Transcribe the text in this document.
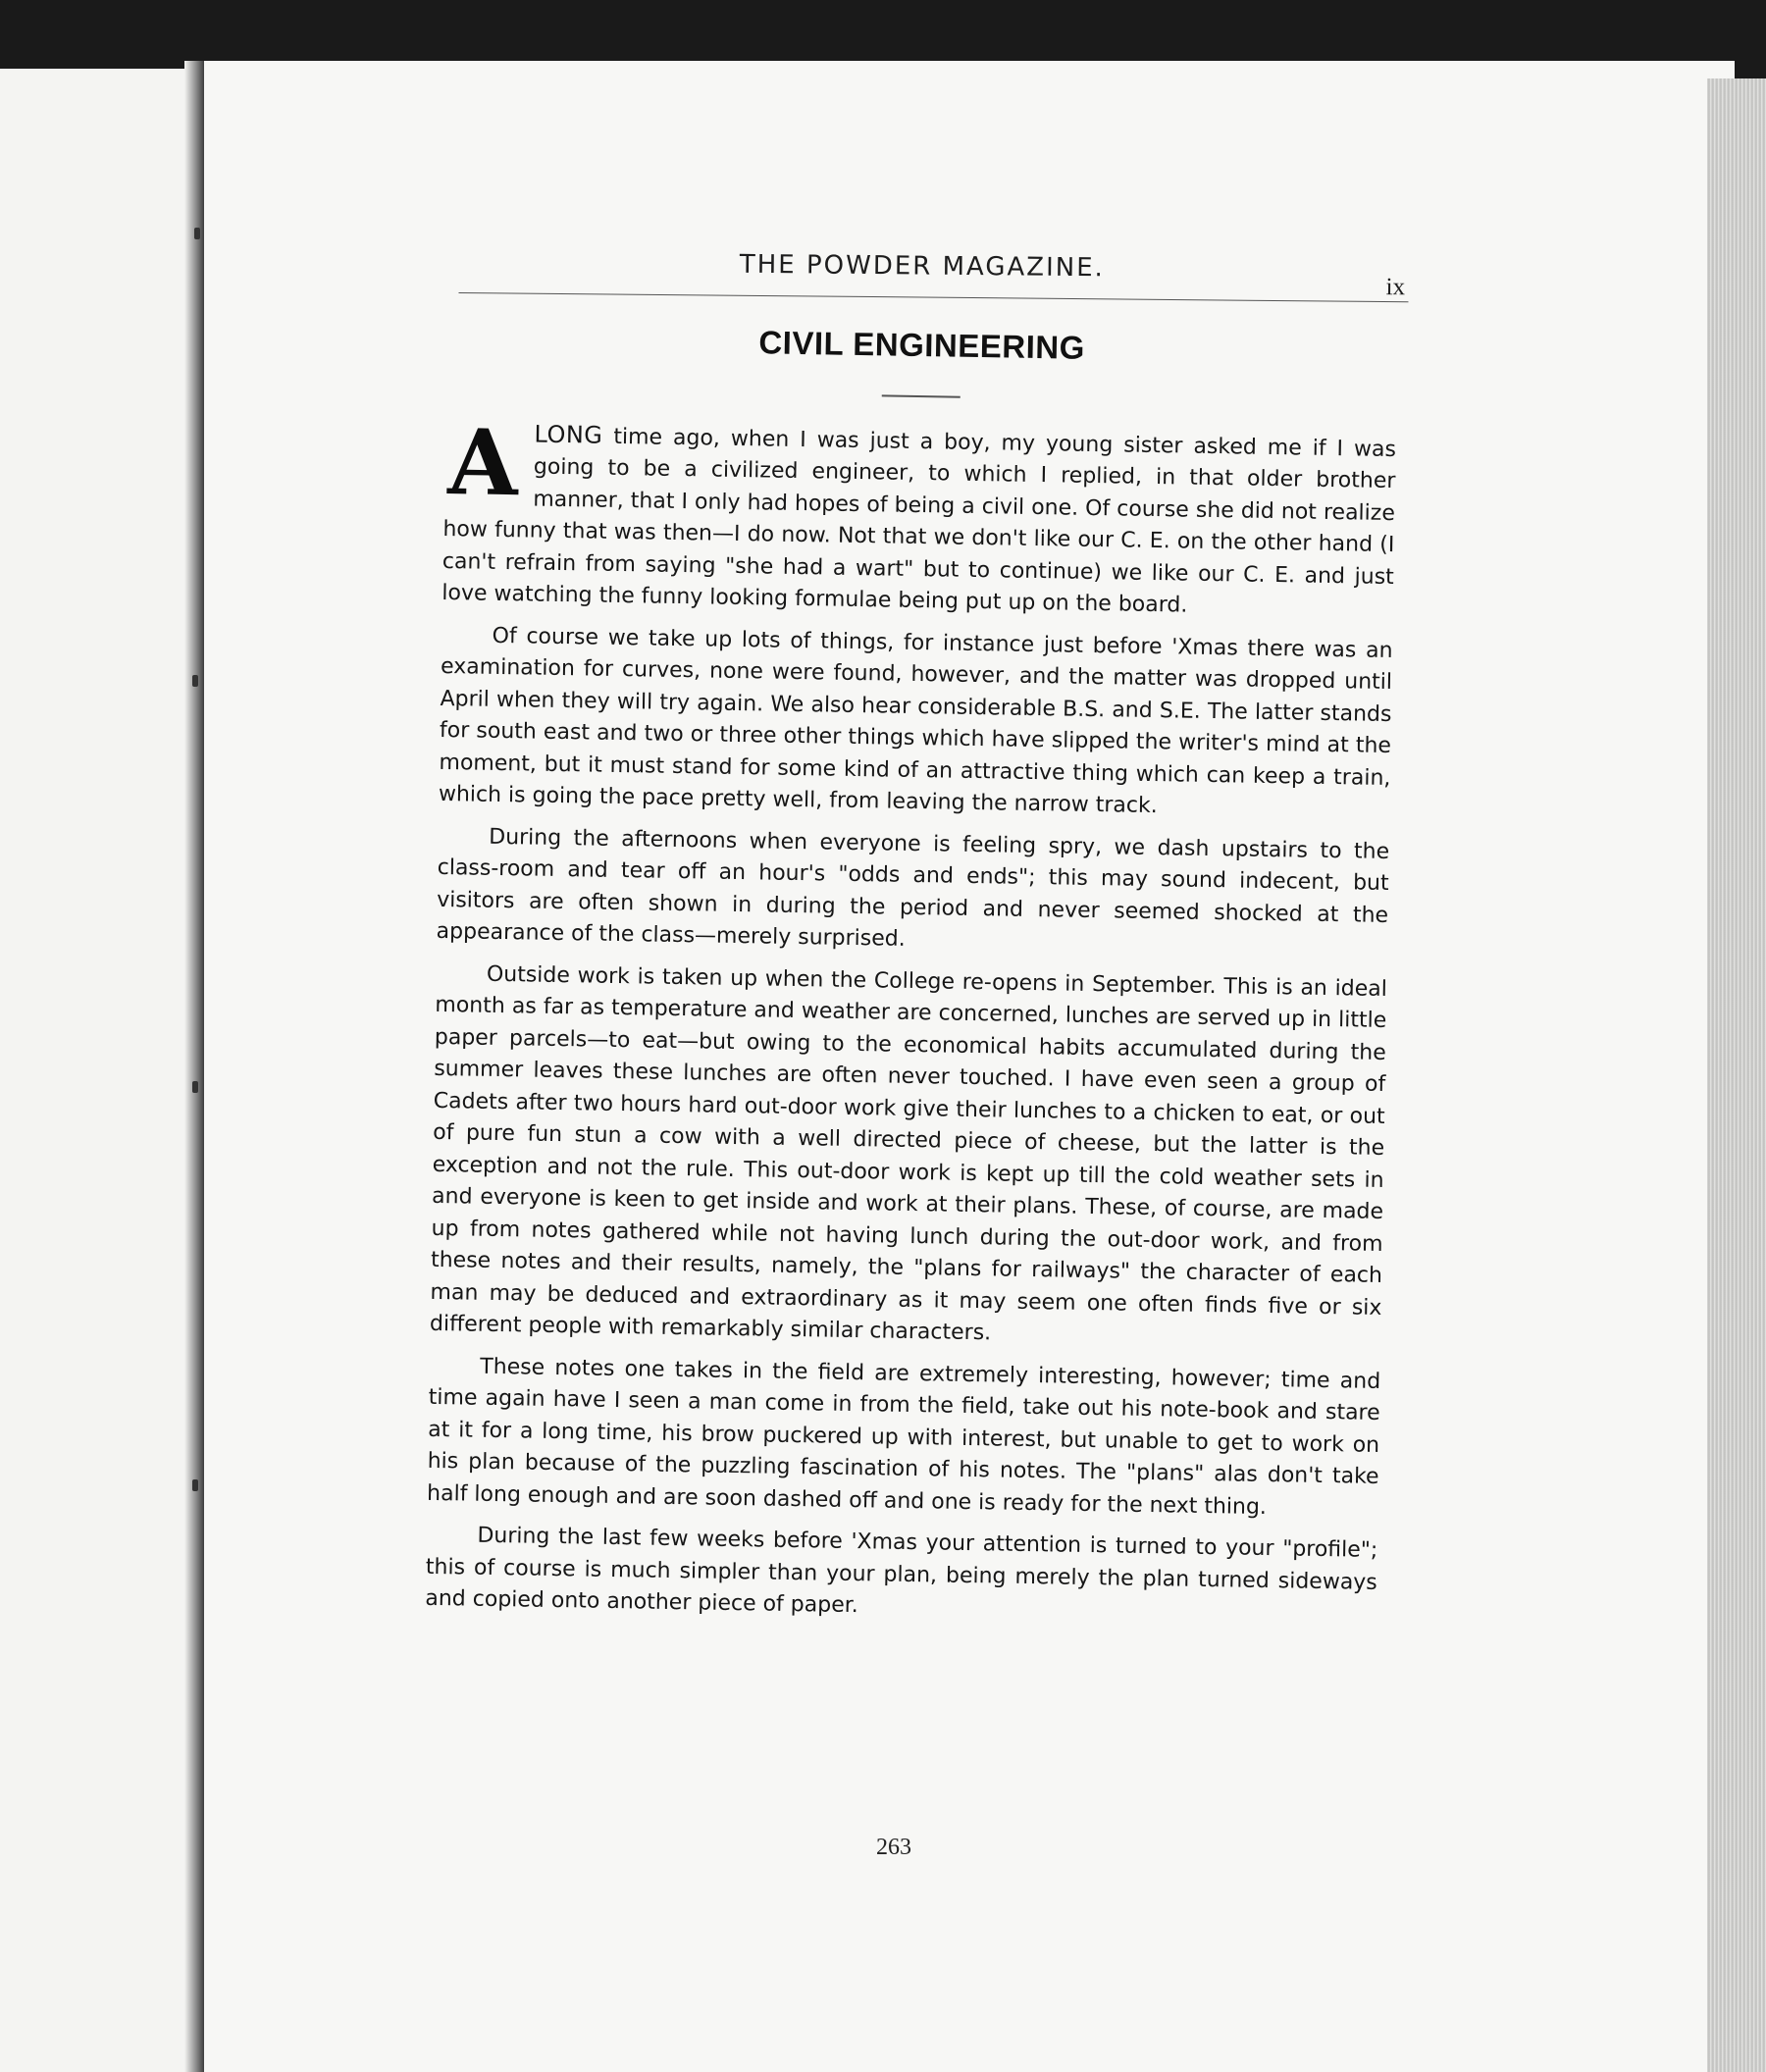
THE POWDER MAGAZINE.
ix
CIVIL ENGINEERING

ALONG time ago, when I was just a boy, my young sister asked me if I was going to be a civilized engineer, to which I replied, in that older brother manner, that I only had hopes of being a civil one. Of course she did not realize how funny that was then—I do now. Not that we don't like our C. E. on the other hand (I can't refrain from saying "she had a wart" but to continue) we like our C. E. and just love watching the funny looking formulae being put up on the board.

Of course we take up lots of things, for instance just before 'Xmas there was an examination for curves, none were found, however, and the matter was dropped until April when they will try again. We also hear considerable B.S. and S.E. The latter stands for south east and two or three other things which have slipped the writer's mind at the moment, but it must stand for some kind of an attractive thing which can keep a train, which is going the pace pretty well, from leaving the narrow track.

During the afternoons when everyone is feeling spry, we dash upstairs to the class-room and tear off an hour's "odds and ends"; this may sound indecent, but visitors are often shown in during the period and never seemed shocked at the appearance of the class—merely surprised.

Outside work is taken up when the College re-opens in September. This is an ideal month as far as temperature and weather are concerned, lunches are served up in little paper parcels—to eat—but owing to the economical habits accumulated during the summer leaves these lunches are often never touched. I have even seen a group of Cadets after two hours hard out-door work give their lunches to a chicken to eat, or out of pure fun stun a cow with a well directed piece of cheese, but the latter is the exception and not the rule. This out-door work is kept up till the cold weather sets in and everyone is keen to get inside and work at their plans. These, of course, are made up from notes gathered while not having lunch during the out-door work, and from these notes and their results, namely, the "plans for railways" the character of each man may be deduced and extraordinary as it may seem one often finds five or six different people with remarkably similar characters.

These notes one takes in the field are extremely interesting, however; time and time again have I seen a man come in from the field, take out his note-book and stare at it for a long time, his brow puckered up with interest, but unable to get to work on his plan because of the puzzling fascination of his notes. The "plans" alas don't take half long enough and are soon dashed off and one is ready for the next thing.

During the last few weeks before 'Xmas your attention is turned to your "profile"; this of course is much simpler than your plan, being merely the plan turned sideways and copied onto another piece of paper.

263
